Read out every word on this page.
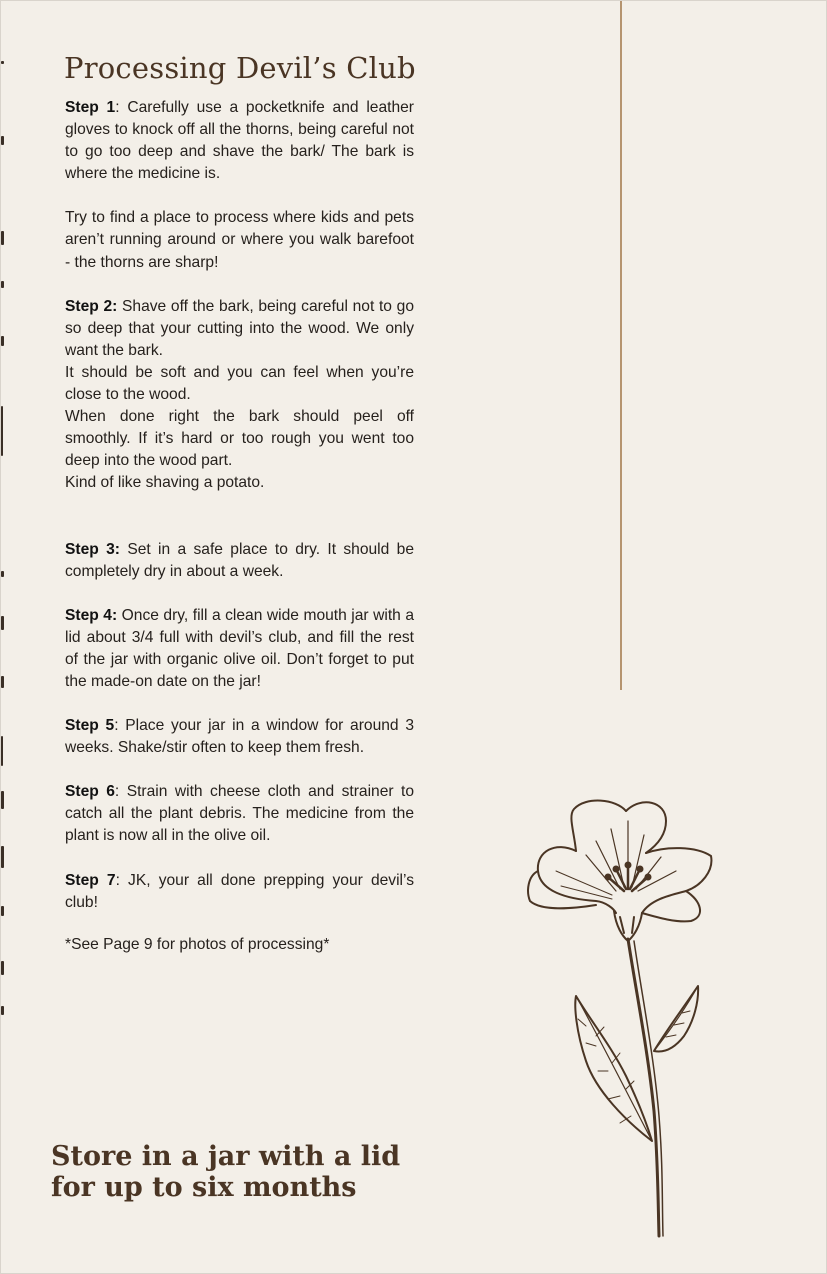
Processing Devil’s Club

Step 1: Carefully use a pocketknife and leather gloves to knock off all the thorns, being careful not to go too deep and shave the bark/ The bark is where the medicine is.

Try to find a place to process where kids and pets aren’t running around or where you walk barefoot - the thorns are sharp!

Step 2: Shave off the bark, being careful not to go so deep that your cutting into the wood. We only want the bark.
It should be soft and you can feel when you’re close to the wood.
When done right the bark should peel off smoothly. If it’s hard or too rough you went too deep into the wood part.
Kind of like shaving a potato.

Step 3: Set in a safe place to dry. It should be completely dry in about a week.

Step 4: Once dry, fill a clean wide mouth jar with a lid about 3/4 full with devil’s club, and fill the rest of the jar with organic olive oil. Don’t forget to put the made-on date on the jar!

Step 5: Place your jar in a window for around 3 weeks. Shake/stir often to keep them fresh.

Step 6: Strain with cheese cloth and strainer to catch all the plant debris. The medicine from the plant is now all in the olive oil.

Step 7: JK, your all done prepping your devil’s club!

*See Page 9 for photos of processing*

Store in a jar with a lid
for up to six months
